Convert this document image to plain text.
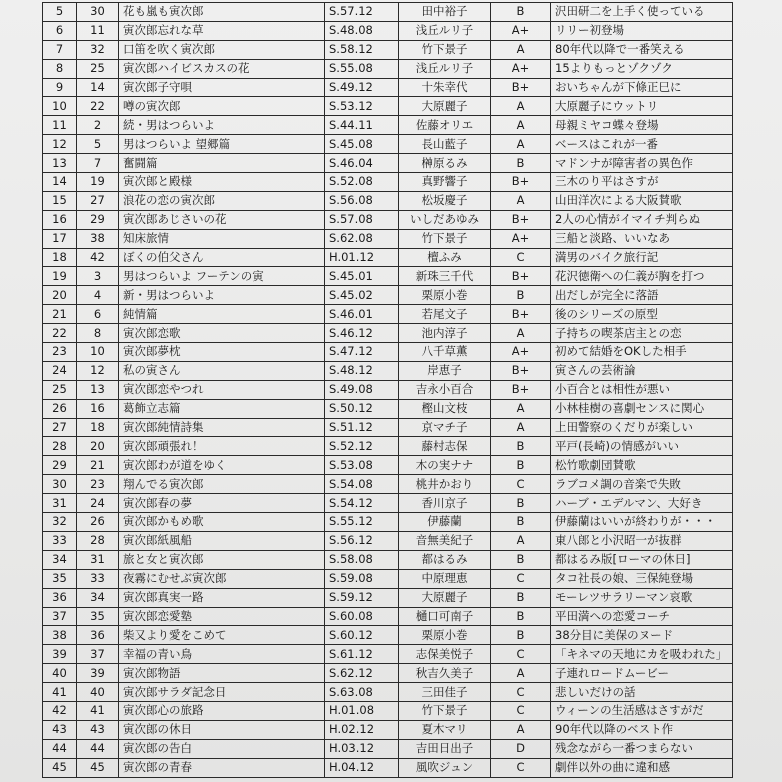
5	30	花も嵐も寅次郎	S.57.12	田中裕子	B	沢田研二を上手く使っている
6	11	寅次郎忘れな草	S.48.08	浅丘ルリ子	A+	リリー初登場
7	32	口笛を吹く寅次郎	S.58.12	竹下景子	A	80年代以降で一番笑える
8	25	寅次郎ハイビスカスの花	S.55.08	浅丘ルリ子	A+	15よりもっとゾクゾク
9	14	寅次郎子守唄	S.49.12	十朱幸代	B+	おいちゃんが下條正巳に
10	22	噂の寅次郎	S.53.12	大原麗子	A	大原麗子にウットリ
11	2	続・男はつらいよ	S.44.11	佐藤オリエ	A	母親ミヤコ蝶々登場
12	5	男はつらいよ 望郷篇	S.45.08	長山藍子	A	ベースはこれが一番
13	7	奮闘篇	S.46.04	榊原るみ	B	マドンナが障害者の異色作
14	19	寅次郎と殿様	S.52.08	真野響子	B+	三木のり平はさすが
15	27	浪花の恋の寅次郎	S.56.08	松坂慶子	A	山田洋次による大阪賛歌
16	29	寅次郎あじさいの花	S.57.08	いしだあゆみ	B+	2人の心情がイマイチ判らぬ
17	38	知床旅情	S.62.08	竹下景子	A+	三船と淡路、いいなあ
18	42	ぼくの伯父さん	H.01.12	檀ふみ	C	満男のバイク旅行記
19	3	男はつらいよ フーテンの寅	S.45.01	新珠三千代	B+	花沢徳衛への仁義が胸を打つ
20	4	新・男はつらいよ	S.45.02	栗原小巻	B	出だしが完全に落語
21	6	純情篇	S.46.01	若尾文子	B+	後のシリーズの原型
22	8	寅次郎恋歌	S.46.12	池内淳子	A	子持ちの喫茶店主との恋
23	10	寅次郎夢枕	S.47.12	八千草薫	A+	初めて結婚をOKした相手
24	12	私の寅さん	S.48.12	岸恵子	B+	寅さんの芸術論
25	13	寅次郎恋やつれ	S.49.08	吉永小百合	B+	小百合とは相性が悪い
26	16	葛飾立志篇	S.50.12	樫山文枝	A	小林桂樹の喜劇センスに関心
27	18	寅次郎純情詩集	S.51.12	京マチ子	A	上田警察のくだりが楽しい
28	20	寅次郎頑張れ！	S.52.12	藤村志保	B	平戸(長崎)の情感がいい
29	21	寅次郎わが道をゆく	S.53.08	木の実ナナ	B	松竹歌劇団賛歌
30	23	翔んでる寅次郎	S.54.08	桃井かおり	C	ラブコメ調の音楽で失敗
31	24	寅次郎春の夢	S.54.12	香川京子	B	ハーブ・エデルマン、大好き
32	26	寅次郎かもめ歌	S.55.12	伊藤蘭	B	伊藤蘭はいいが終わりが・・・
33	28	寅次郎紙風船	S.56.12	音無美紀子	A	東八郎と小沢昭一が抜群
34	31	旅と女と寅次郎	S.58.08	都はるみ	B	都はるみ版[ローマの休日]
35	33	夜霧にむせぶ寅次郎	S.59.08	中原理恵	C	タコ社長の娘、三保純登場
36	34	寅次郎真実一路	S.59.12	大原麗子	B	モーレツサラリーマン哀歌
37	35	寅次郎恋愛塾	S.60.08	樋口可南子	B	平田満への恋愛コーチ
38	36	柴又より愛をこめて	S.60.12	栗原小巻	B	38分目に美保のヌード
39	37	幸福の青い鳥	S.61.12	志保美悦子	C	「キネマの天地にカを吸われた」
40	39	寅次郎物語	S.62.12	秋吉久美子	A	子連れロードムービー
41	40	寅次郎サラダ記念日	S.63.08	三田佳子	C	悲しいだけの話
42	41	寅次郎心の旅路	H.01.08	竹下景子	C	ウィーンの生活感はさすがだ
43	43	寅次郎の休日	H.02.12	夏木マリ	A	90年代以降のベスト作
44	44	寅次郎の告白	H.03.12	吉田日出子	D	残念ながら一番つまらない
45	45	寅次郎の青春	H.04.12	風吹ジュン	C	劇伴以外の曲に違和感
